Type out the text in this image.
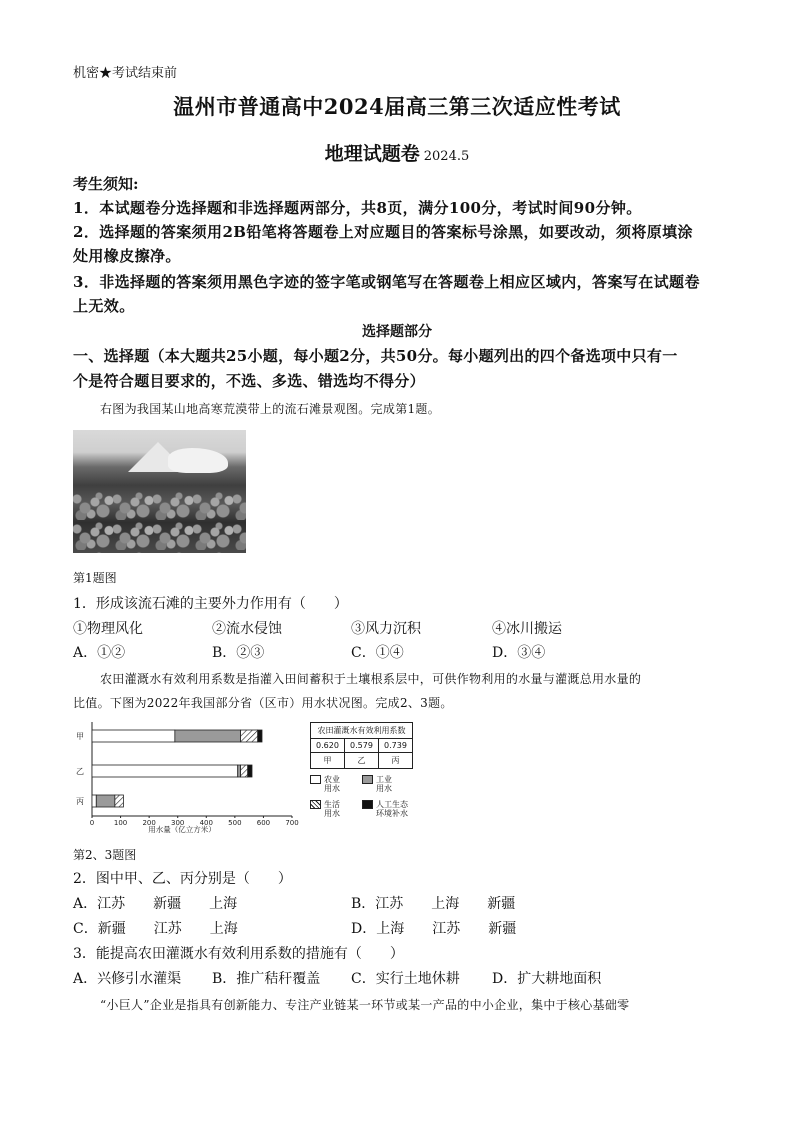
机密★考试结束前
温州市普通高中2024届高三第三次适应性考试
地理试题卷 2024.5
考生须知:
1．本试题卷分选择题和非选择题两部分，共8页，满分100分，考试时间90分钟。
2．选择题的答案须用2B铅笔将答题卷上对应题目的答案标号涂黑，如要改动，须将原填涂
处用橡皮擦净。
3．非选择题的答案须用黑色字迹的签字笔或钢笔写在答题卷上相应区域内，答案写在试题卷
上无效。
选择题部分
一、选择题（本大题共25小题，每小题2分，共50分。每小题列出的四个备选项中只有一
个是符合题目要求的，不选、多选、错选均不得分）
右图为我国某山地高寒荒漠带上的流石滩景观图。完成第1题。
第1题图
1．形成该流石滩的主要外力作用有（　　）
①物理风化	②流水侵蚀	③风力沉积	④冰川搬运
A．①②	B．②③	C．①④	D．③④
农田灌溉水有效利用系数是指灌入田间蓄积于土壤根系层中，可供作物利用的水量与灌溉总用水量的
比值。下图为2022年我国部分省（区市）用水状况图。完成2、3题。
0	100 200 300 400 500 600 700
用水量（亿立方米）
甲
乙
丙
农田灌溉水有效利用系数		
0.620	0.579	0.739
甲	乙	丙
农业用水
工业用水
生活用水
人工生态环境补水
第2、3题图
2．图中甲、乙、丙分别是（　　）
A．江苏　　新疆　　上海	B．江苏　　上海　　新疆
C．新疆　　江苏　　上海	D．上海　　江苏　　新疆
3．能提高农田灌溉水有效利用系数的措施有（　　）
A．兴修引水灌渠 B．推广秸秆覆盖 C．实行土地休耕 D．扩大耕地面积
“小巨人”企业是指具有创新能力、专注产业链某一环节或某一产品的中小企业，集中于核心基础零
